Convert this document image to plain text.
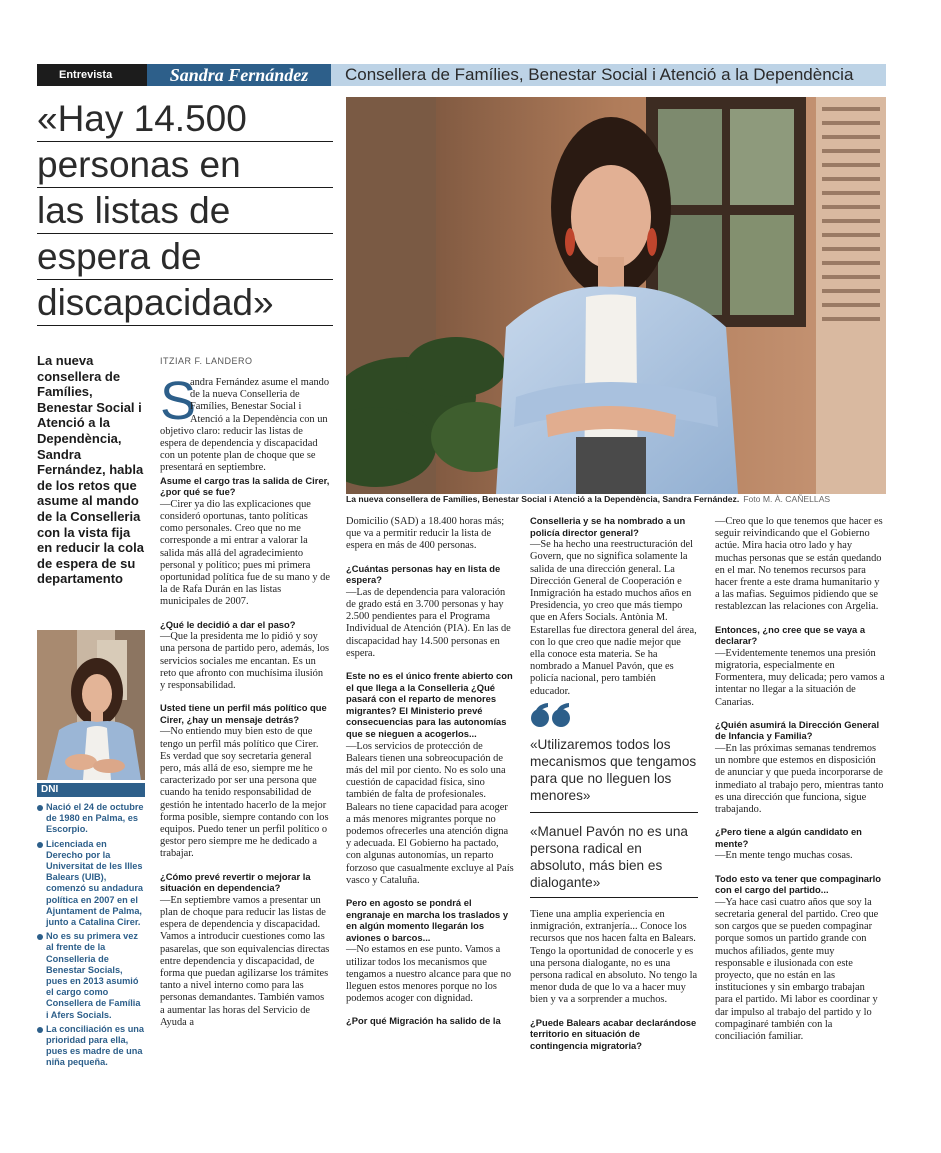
Entrevista	Sandra Fernández	Consellera de Famílies, Benestar Social i Atenció a la Dependència
«Hay 14.500
personas en
las listas de
espera de
discapacidad»
La nueva consellera de Famílies, Benestar Social i Atenció a la Dependència, Sandra Fernández, habla de los retos que asume al mando de la Conselleria con la vista fija en reducir la cola de espera de su departamento
DNI
Nació el 24 de octubre de 1980 en Palma, es Escorpio.
Licenciada en Derecho por la Universitat de les Illes Balears (UIB), comenzó su andadura política en 2007 en el Ajuntament de Palma, junto a Catalina Cirer.
No es su primera vez al frente de la Conselleria de Benestar Socials, pues en 2013 asumió el cargo como Consellera de Família i Afers Socials.
La conciliación es una prioridad para ella, pues es madre de una niña pequeña.
La nueva consellera de Famílies, Benestar Social i Atenció a la Dependència, Sandra Fernández. Foto M. À. CAÑELLAS
ITZIAR F. LANDERO

S
andra Fernández asume el mando de la nueva Conselleria de Famílies, Benestar Social i Atenció a la Dependència con un objetivo claro: reducir las listas de espera de dependencia y discapacidad con un potente plan de choque que se presentará en septiembre.

Asume el cargo tras la salida de Cirer, ¿por qué se fue?

—Cirer ya dio las explicaciones que consideró oportunas, tanto políticas como personales. Creo que no me corresponde a mi entrar a valorar la salida más allá del agradecimiento personal y político; pues mi primera oportunidad política fue de su mano y de la de Rafa Durán en las listas municipales de 2007.

¿Qué le decidió a dar el paso?

—Que la presidenta me lo pidió y soy una persona de partido pero, además, los servicios sociales me encantan. Es un reto que afronto con muchísima ilusión y responsabilidad.

Usted tiene un perfil más político que Cirer, ¿hay un mensaje detrás?

—No entiendo muy bien esto de que tengo un perfil más político que Cirer. Es verdad que soy secretaria general pero, más allá de eso, siempre me he caracterizado por ser una persona que cuando ha tenido responsabilidad de gestión he intentado hacerlo de la mejor forma posible, siempre contando con los equipos. Puedo tener un perfil político o gestor pero siempre me he dedicado a trabajar.

¿Cómo prevé revertir o mejorar la situación en dependencia?

—En septiembre vamos a presentar un plan de choque para reducir las listas de espera de dependencia y discapacidad. Vamos a introducir cuestiones como las pasarelas, que son equivalencias directas entre dependencia y discapacidad, de forma que puedan agilizarse los trámites tanto a nivel interno como para las personas demandantes. También vamos a aumentar las horas del Servicio de Ayuda a

Domicilio (SAD) a 18.400 horas más; que va a permitir reducir la lista de espera en más de 400 personas.

¿Cuántas personas hay en lista de espera?

—Las de dependencia para valoración de grado está en 3.700 personas y hay 2.500 pendientes para el Programa Individual de Atención (PIA). En las de discapacidad hay 14.500 personas en espera.

Este no es el único frente abierto con el que llega a la Conselleria ¿Qué pasará con el reparto de menores migrantes? El Ministerio prevé consecuencias para las autonomías que se nieguen a acogerlos...

—Los servicios de protección de Balears tienen una sobreocupación de más del mil por ciento. No es solo una cuestión de capacidad física, sino también de falta de profesionales. Balears no tiene capacidad para acoger a más menores migrantes porque no podemos ofrecerles una atención digna y adecuada. El Gobierno ha pactado, con algunas autonomías, un reparto forzoso que casualmente excluye al País vasco y Cataluña.

Pero en agosto se pondrá el engranaje en marcha los traslados y en algún momento llegarán los aviones o barcos...

—No estamos en ese punto. Vamos a utilizar todos los mecanismos que tengamos a nuestro alcance para que no lleguen estos menores porque no los podemos acoger con dignidad.

¿Por qué Migración ha salido de la

Conselleria y se ha nombrado a un policía director general?

—Se ha hecho una reestructuración del Govern, que no significa solamente la salida de una dirección general. La Dirección General de Cooperación e Inmigración ha estado muchos años en Presidencia, yo creo que más tiempo que en Afers Socials. Antònia M. Estarellas fue directora general del área, con lo que creo que nadie mejor que ella conoce esta materia. Se ha nombrado a Manuel Pavón, que es policía nacional, pero también educador.

«Utilizaremos todos los mecanismos que tengamos para que no lleguen los menores»

«Manuel Pavón no es una persona radical en absoluto, más bien es dialogante»

Tiene una amplia experiencia en inmigración, extranjería... Conoce los recursos que nos hacen falta en Balears. Tengo la oportunidad de conocerle y es una persona dialogante, no es una persona radical en absoluto. No tengo la menor duda de que lo va a hacer muy bien y va a sorprender a muchos.

¿Puede Balears acabar declarándose territorio en situación de contingencia migratoria?

—Creo que lo que tenemos que hacer es seguir reivindicando que el Gobierno actúe. Mira hacia otro lado y hay muchas personas que se están quedando en el mar. No tenemos recursos para hacer frente a este drama humanitario y a las mafias. Seguimos pidiendo que se restablezcan las relaciones con Argelia.

Entonces, ¿no cree que se vaya a declarar?

—Evidentemente tenemos una presión migratoria, especialmente en Formentera, muy delicada; pero vamos a intentar no llegar a la situación de Canarias.

¿Quién asumirá la Dirección General de Infancia y Familia?

—En las próximas semanas tendremos un nombre que estemos en disposición de anunciar y que pueda incorporarse de inmediato al trabajo pero, mientras tanto es una dirección que funciona, sigue trabajando.

¿Pero tiene a algún candidato en mente?

—En mente tengo muchas cosas.

Todo esto va tener que compaginarlo con el cargo del partido...

—Ya hace casi cuatro años que soy la secretaria general del partido. Creo que son cargos que se pueden compaginar porque somos un partido grande con muchos afiliados, gente muy responsable e ilusionada con este proyecto, que no están en las instituciones y sin embargo trabajan para el partido. Mi labor es coordinar y dar impulso al trabajo del partido y lo compaginaré también con la conciliación familiar.
